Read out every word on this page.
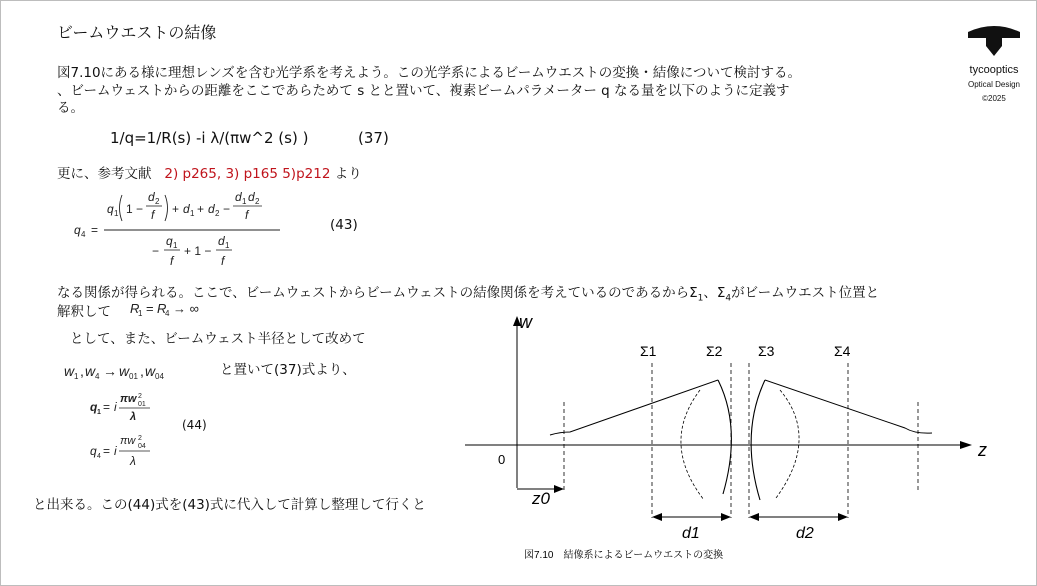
ビームウエストの結像
図7.10にある様に理想レンズを含む光学系を考えよう。この光学系によるビームウエストの変換・結像について検討する。
、ビームウェストからの距離をここであらためて s とと置いて、複素ビームパラメーター q なる量を以下のように定義す
る。
1/q=1/R(s) -i λ/(πw^2 (s) )	(37)
更に、参考文献 2) p265, 3) p165 5)p212 より
q 4 =
q 1 1 −
d 2
f + d 1 + d 2 −
d 1 d 2
f
−
q 1
f
+ 1 −
d 1
f
(43)
なる関係が得られる。ここで、ビームウェストからビームウェストの結像関係を考えているのであるから$\Sigma_1$、$\Sigma_4$がビームウエスト位置と
解釈して R
1 = R
4 → ∞
として、また、ビームウェスト半径として改めて
w 1 , w 4 → w 01 , w 04	と置いて(37)式より、
q 1 = i
πw 2
01
λ
q 4 = i
πw 2
04
λ
(44)
と出来る。この(44)式を(43)式に代入して計算し整理して行くと
tycooptics
Optical Design
©2025
w
z
0
Σ1	Σ2	Σ3	Σ4
z0
d1	d2
図7.10　結像系によるビームウエストの変換
